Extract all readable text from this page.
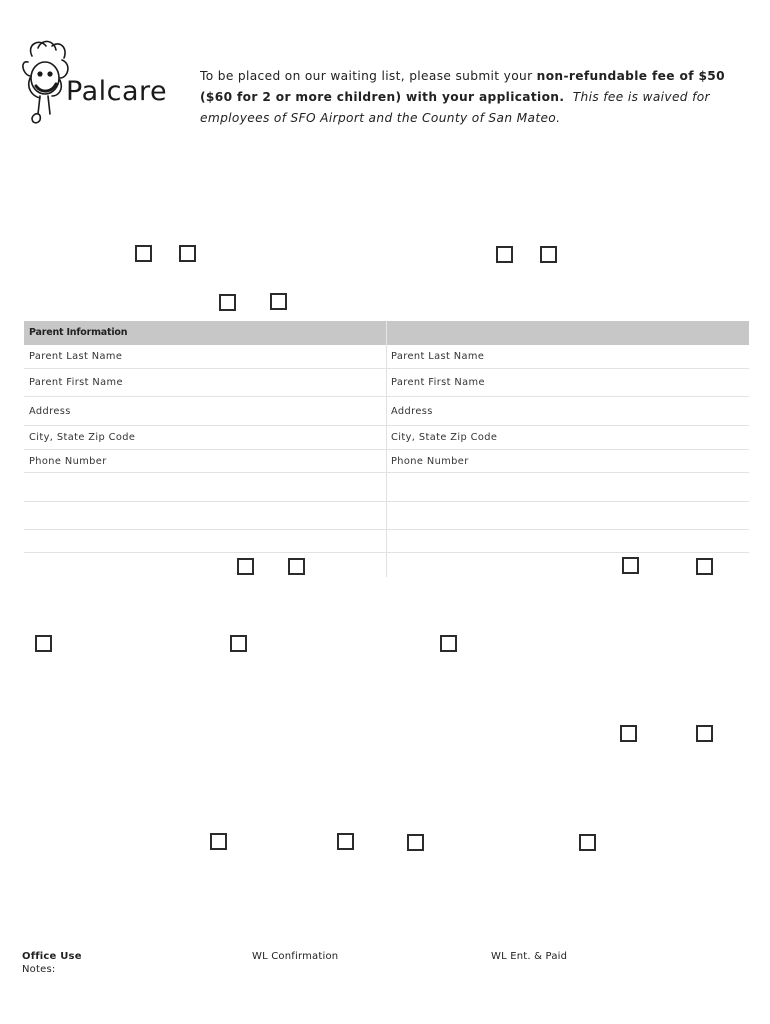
Palcare	To be placed on our waiting list, please submit your non-refundable fee of $50 ($60 for 2 or more children) with your application. This fee is waived for employees of SFO Airport and the County of San Mateo.
Parent Information
Parent Last Name
Parent First Name
Address
City, State Zip Code
Phone Number
Parent Last Name
Parent First Name
Address
City, State Zip Code
Phone Number
Office Use
Notes:
WL Confirmation	WL Ent. & Paid
